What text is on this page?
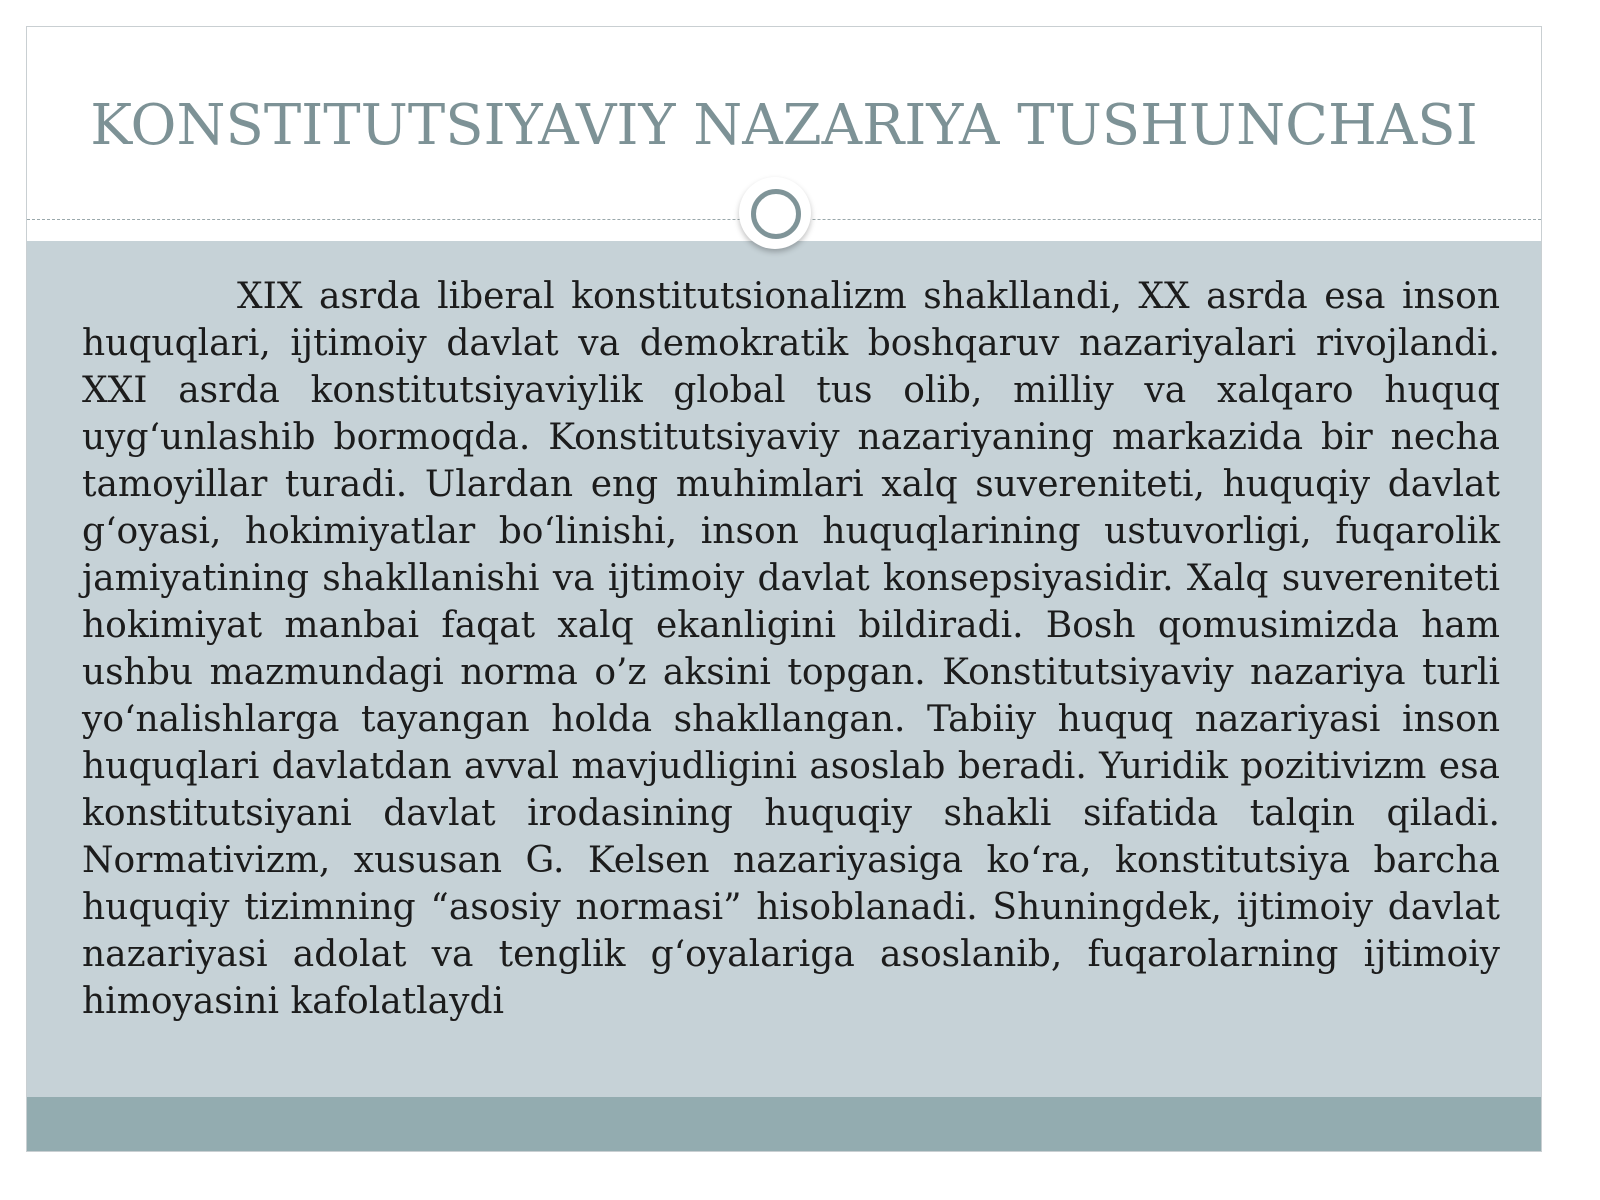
KONSTITUTSIYAVIY NAZARIYA TUSHUNCHASI

XIX asrda liberal konstitutsionalizm shakllandi, XX asrda esa inson huquqlari, ijtimoiy davlat va demokratik boshqaruv nazariyalari rivojlandi. XXI asrda konstitutsiyaviylik global tus olib, milliy va xalqaro huquq uyg‘unlashib bormoqda. Konstitutsiyaviy nazariyaning markazida bir necha tamoyillar turadi. Ulardan eng muhimlari xalq suvereniteti, huquqiy davlat g‘oyasi, hokimiyatlar bo‘linishi, inson huquqlarining ustuvorligi, fuqarolik jamiyatining shakllanishi va ijtimoiy davlat konsepsiyasidir. Xalq suvereniteti hokimiyat manbai faqat xalq ekanligini bildiradi. Bosh qomusimizda ham ushbu mazmundagi norma o’z aksini topgan. Konstitutsiyaviy nazariya turli yo‘nalishlarga tayangan holda shakllangan. Tabiiy huquq nazariyasi inson huquqlari davlatdan avval mavjudligini asoslab beradi. Yuridik pozitivizm esa konstitutsiyani davlat irodasining huquqiy shakli sifatida talqin qiladi. Normativizm, xususan G. Kelsen nazariyasiga ko‘ra, konstitutsiya barcha huquqiy tizimning “asosiy normasi” hisoblanadi. Shuningdek, ijtimoiy davlat nazariyasi adolat va tenglik g‘oyalariga asoslanib, fuqarolarning ijtimoiy himoyasini kafolatlaydi
